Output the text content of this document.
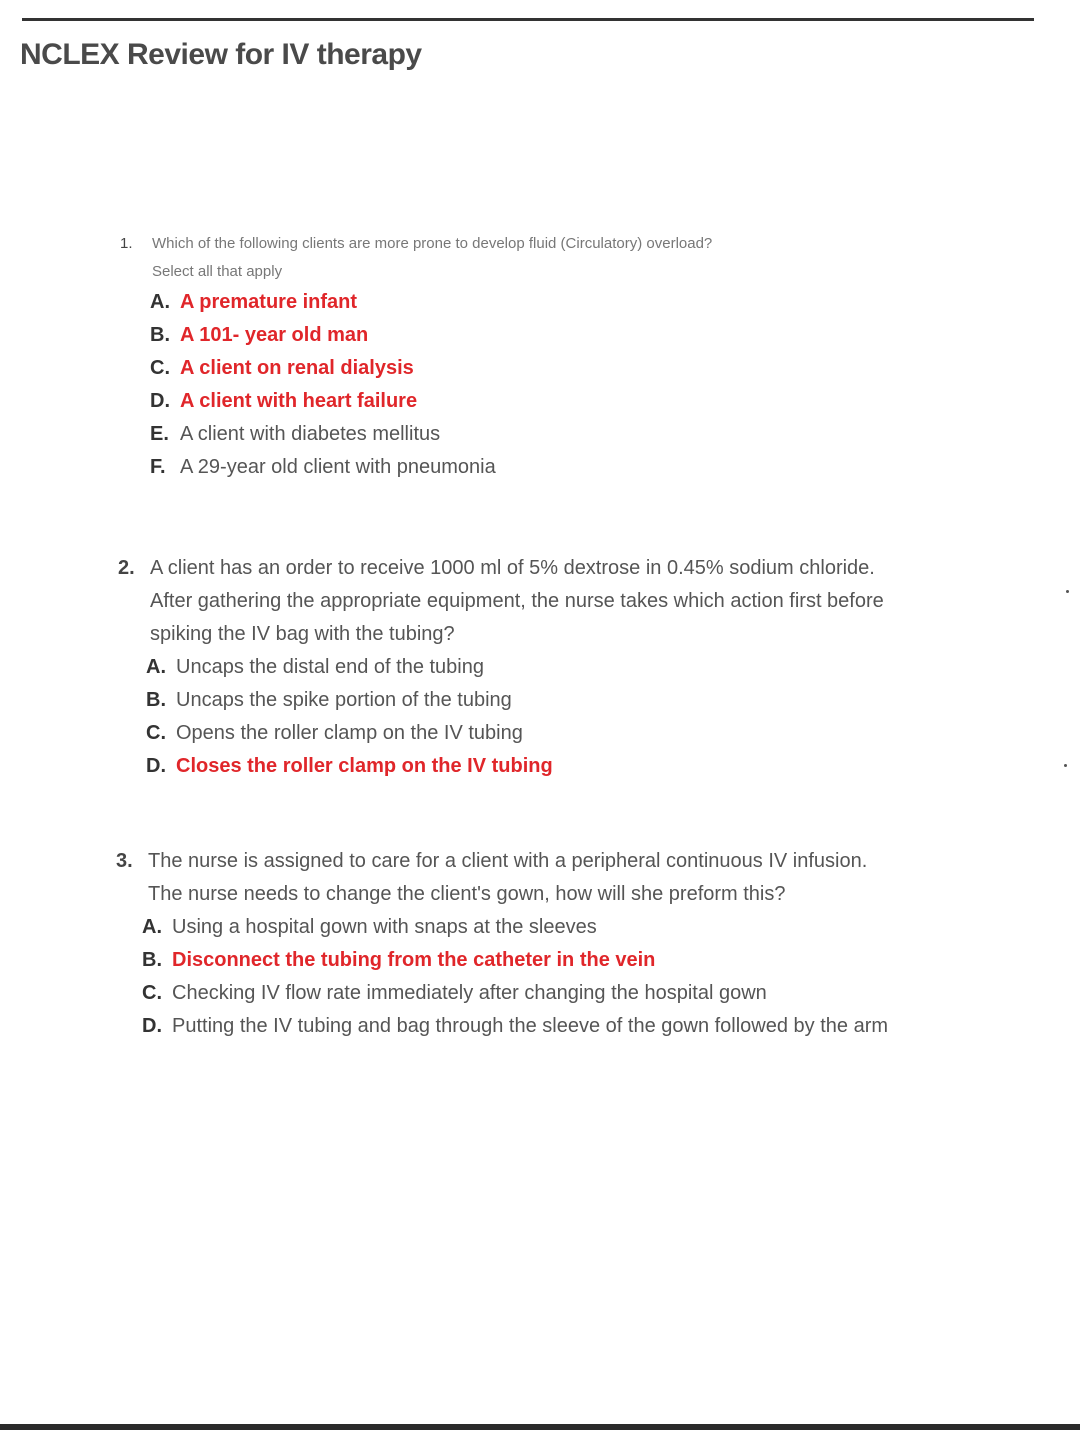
NCLEX Review for IV therapy
1. Which of the following clients are more prone to develop fluid (Circulatory) overload?
Select all that apply
A. A premature infant
B. A 101- year old man
C. A client on renal dialysis
D. A client with heart failure
E. A client with diabetes mellitus
F. A 29-year old client with pneumonia
2. A client has an order to receive 1000 ml of 5% dextrose in 0.45% sodium chloride. After gathering the appropriate equipment, the nurse takes which action first before spiking the IV bag with the tubing?
A. Uncaps the distal end of the tubing
B. Uncaps the spike portion of the tubing
C. Opens the roller clamp on the IV tubing
D. Closes the roller clamp on the IV tubing
3. The nurse is assigned to care for a client with a peripheral continuous IV infusion. The nurse needs to change the client's gown, how will she preform this?
A. Using a hospital gown with snaps at the sleeves
B. Disconnect the tubing from the catheter in the vein
C. Checking IV flow rate immediately after changing the hospital gown
D. Putting the IV tubing and bag through the sleeve of the gown followed by the arm
